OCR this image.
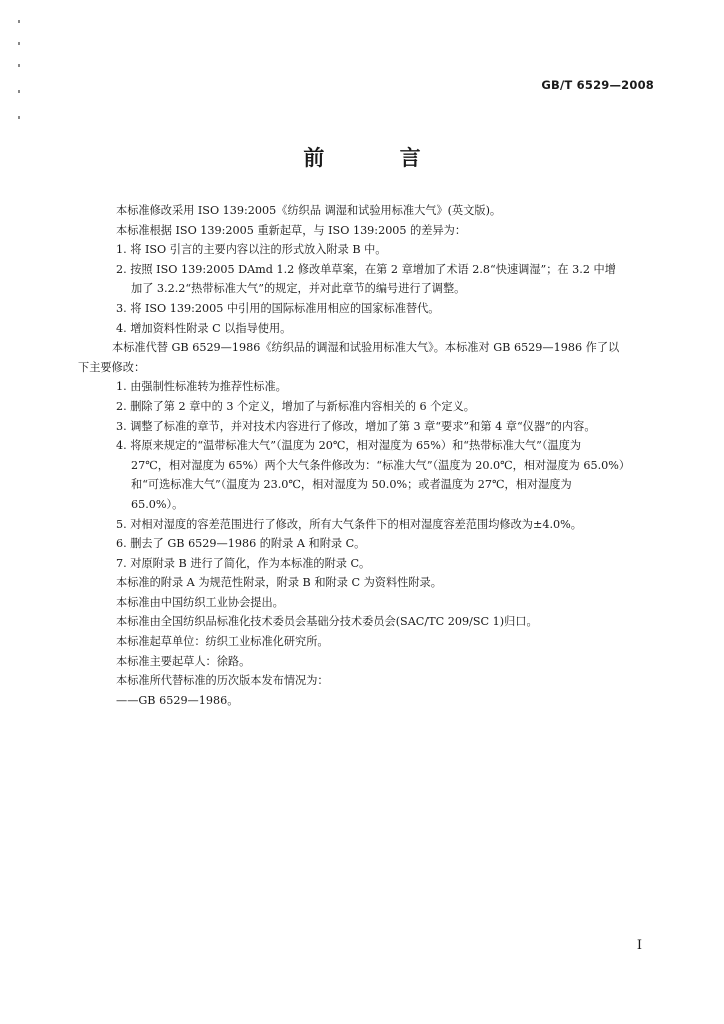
GB/T 6529—2008
前 言

本标准修改采用 ISO 139:2005《纺织品 调湿和试验用标准大气》(英文版)。

本标准根据 ISO 139:2005 重新起草，与 ISO 139:2005 的差异为：

1. 将 ISO 引言的主要内容以注的形式放入附录 B 中。

2. 按照 ISO 139:2005 DAmd 1.2 修改单草案，在第 2 章增加了术语 2.8“快速调湿”；在 3.2 中增

加了 3.2.2“热带标准大气”的规定，并对此章节的编号进行了调整。

3. 将 ISO 139:2005 中引用的国际标准用相应的国家标准替代。

4. 增加资料性附录 C 以指导使用。

本标准代替 GB 6529—1986《纺织品的调湿和试验用标准大气》。本标准对 GB 6529—1986 作了以

下主要修改：

1. 由强制性标准转为推荐性标准。

2. 删除了第 2 章中的 3 个定义，增加了与新标准内容相关的 6 个定义。

3. 调整了标准的章节，并对技术内容进行了修改，增加了第 3 章“要求”和第 4 章“仪器”的内容。

4. 将原来规定的“温带标准大气”（温度为 20℃，相对湿度为 65%）和“热带标准大气”（温度为

27℃，相对湿度为 65%）两个大气条件修改为：“标准大气”（温度为 20.0℃，相对湿度为 65.0%）

和“可选标准大气”（温度为 23.0℃，相对湿度为 50.0%；或者温度为 27℃，相对湿度为

65.0%）。

5. 对相对湿度的容差范围进行了修改，所有大气条件下的相对湿度容差范围均修改为±4.0%。

6. 删去了 GB 6529—1986 的附录 A 和附录 C。

7. 对原附录 B 进行了简化，作为本标准的附录 C。

本标准的附录 A 为规范性附录，附录 B 和附录 C 为资料性附录。

本标准由中国纺织工业协会提出。

本标准由全国纺织品标准化技术委员会基础分技术委员会(SAC/TC 209/SC 1)归口。

本标准起草单位：纺织工业标准化研究所。

本标准主要起草人：徐路。

本标准所代替标准的历次版本发布情况为：

——GB 6529—1986。

I
